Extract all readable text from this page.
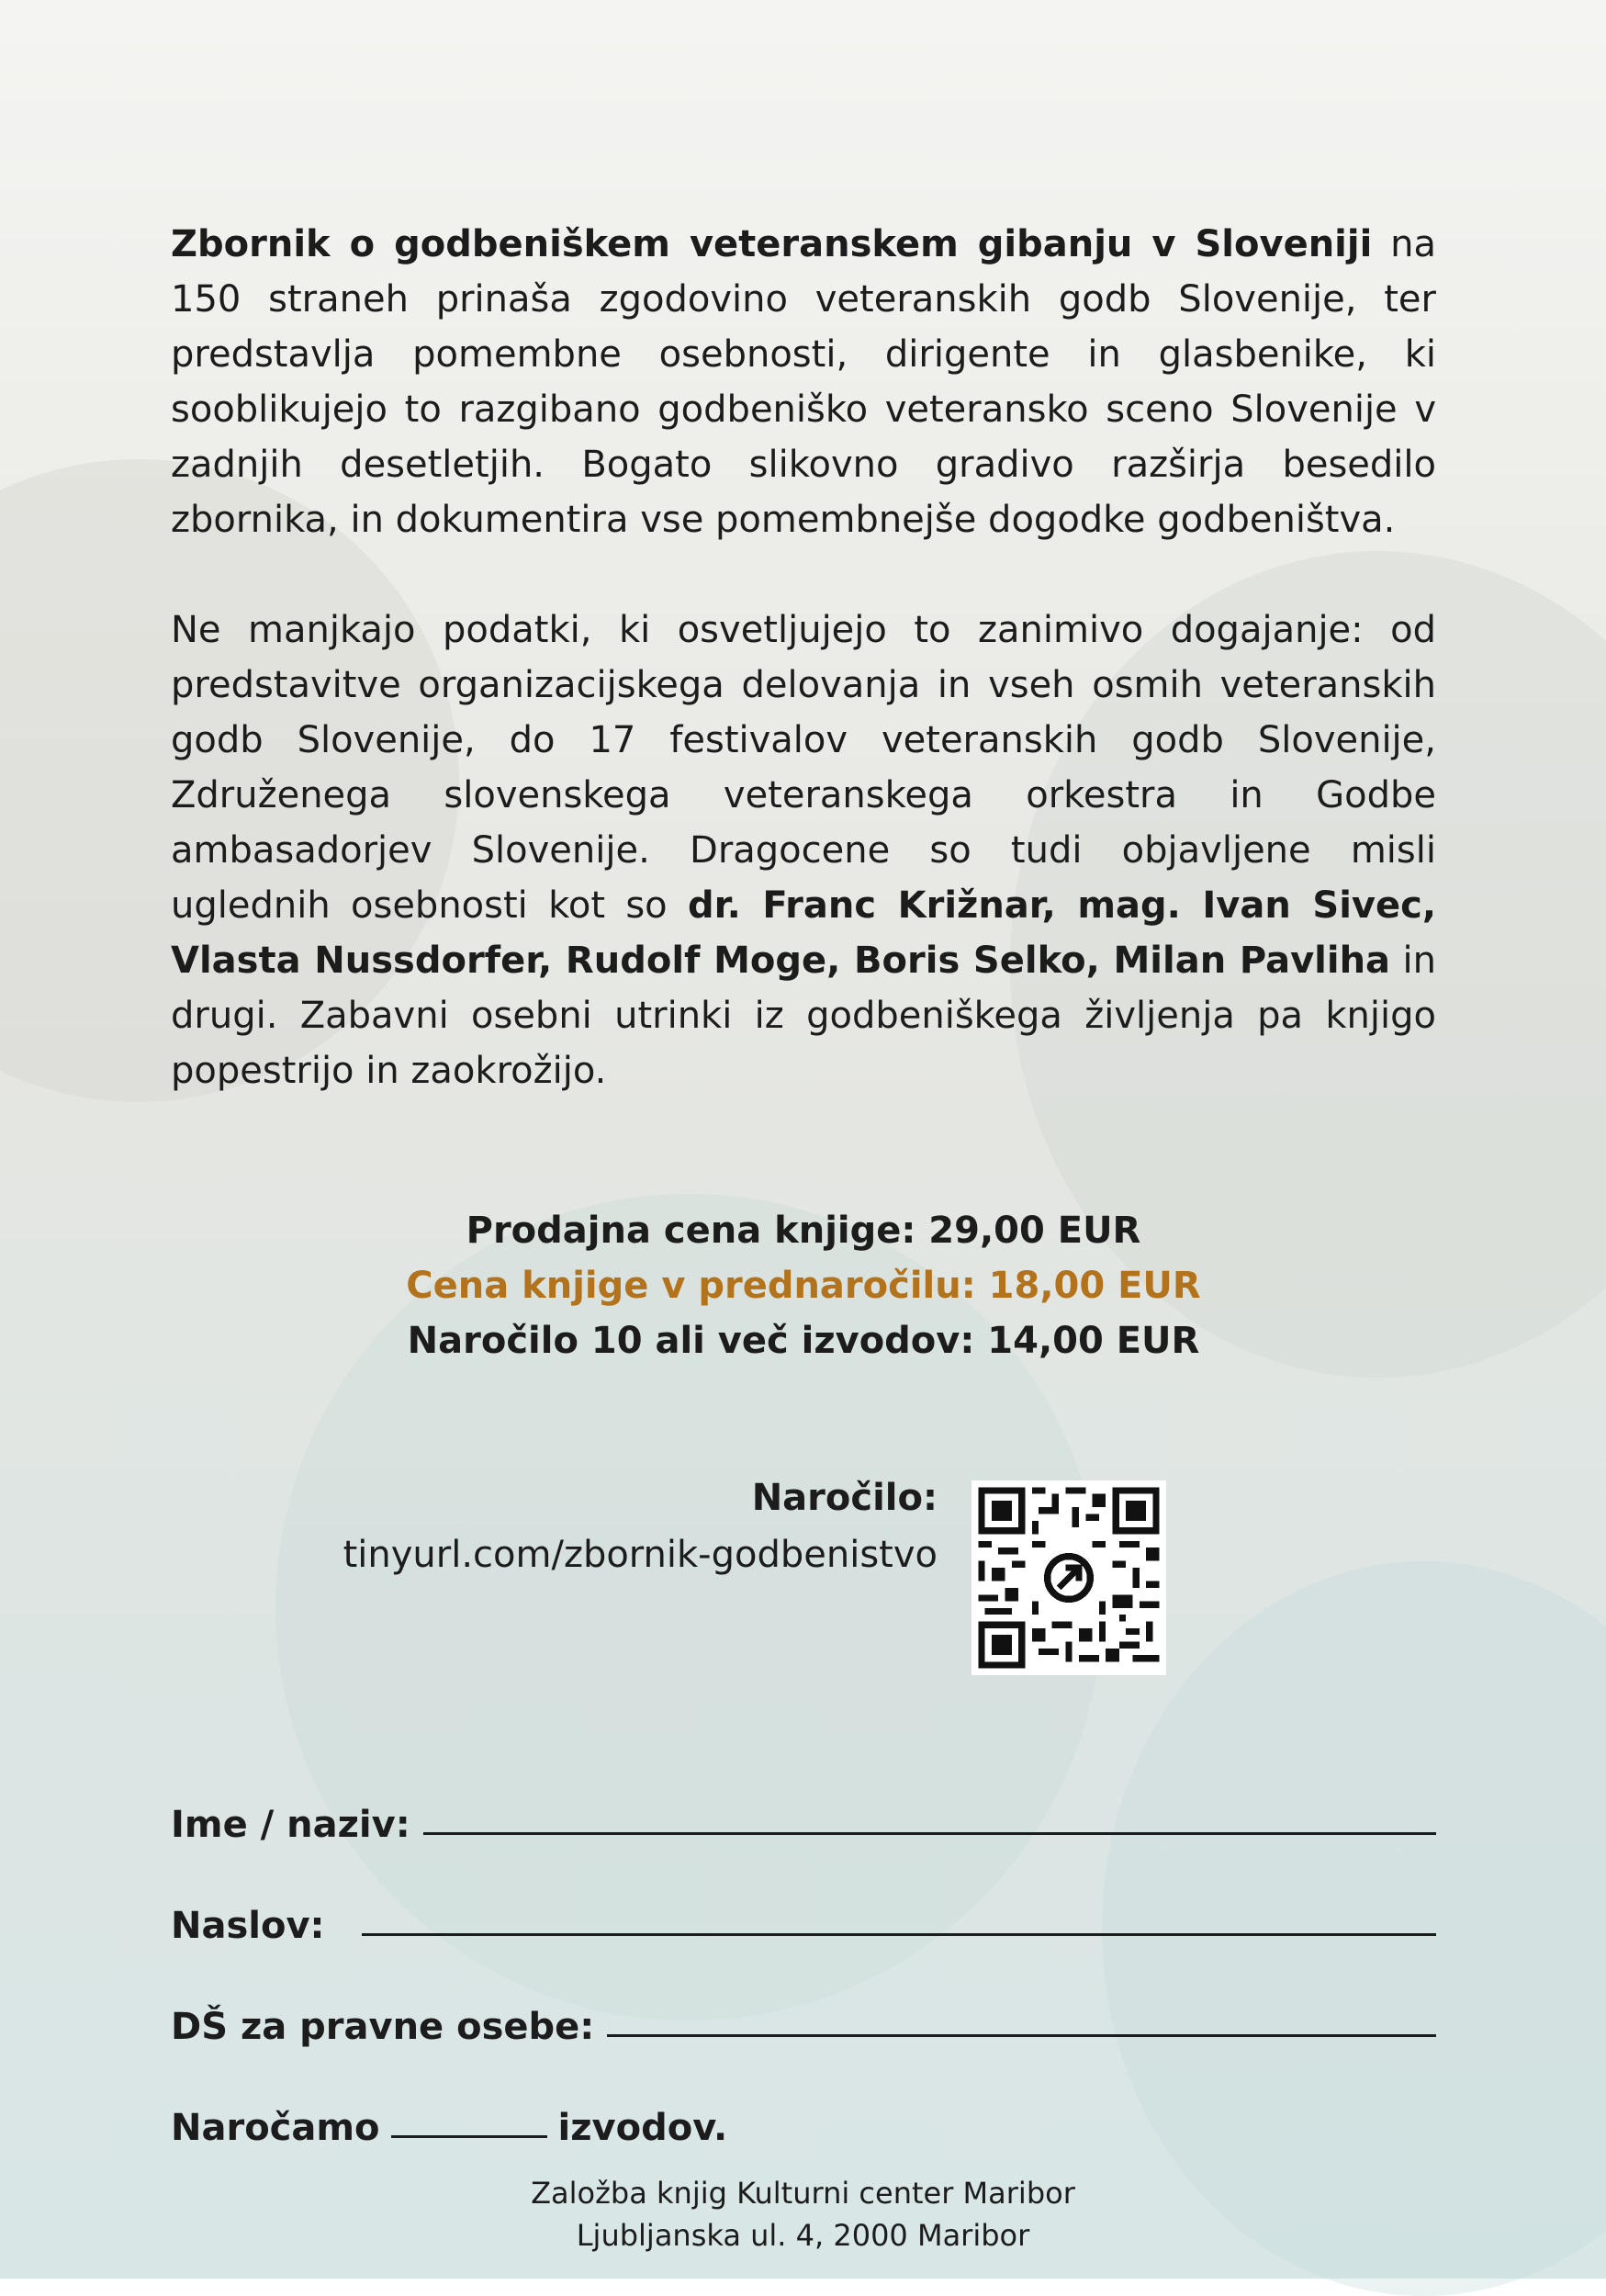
Zbornik o godbeniškem veteranskem gibanju v Sloveniji na 150 straneh prinaša zgodovino veteranskih godb Slovenije, ter predstavlja pomembne osebnosti, dirigente in glasbenike, ki sooblikujejo to razgibano godbeniško veteransko sceno Slovenije v zadnjih desetletjih. Bogato slikovno gradivo razširja besedilo zbornika, in dokumentira vse pomembnejše dogodke godbeništva.

Ne manjkajo podatki, ki osvetljujejo to zanimivo dogajanje: od predstavitve organizacijskega delovanja in vseh osmih veteranskih godb Slovenije, do 17 festivalov veteranskih godb Slovenije, Združenega slovenskega veteranskega orkestra in Godbe ambasadorjev Slovenije. Dragocene so tudi objavljene misli uglednih osebnosti kot so dr. Franc Križnar, mag. Ivan Sivec, Vlasta Nussdorfer, Rudolf Moge, Boris Selko, Milan Pavliha in drugi. Zabavni osebni utrinki iz godbeniškega življenja pa knjigo popestrijo in zaokrožijo.

Prodajna cena knjige: 29,00 EUR
Cena knjige v prednaročilu: 18,00 EUR
Naročilo 10 ali več izvodov: 14,00 EUR
Naročilo:
tinyurl.com/zbornik-godbenistvo
Ime / naziv:
Naslov:
DŠ za pravne osebe:
Naročamo	izvodov.
Založba knjig Kulturni center Maribor
Ljubljanska ul. 4, 2000 Maribor
